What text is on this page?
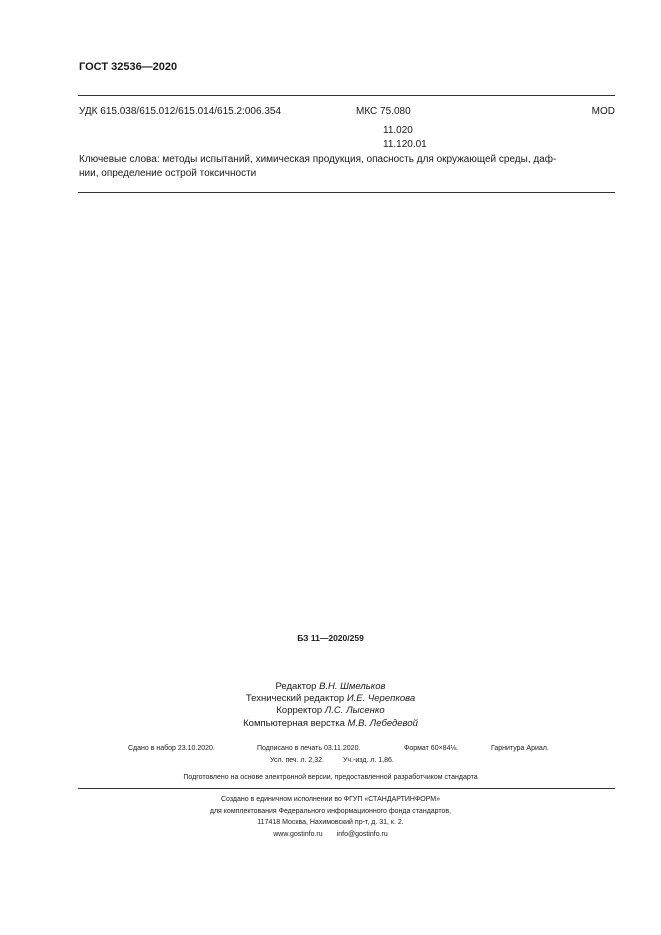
ГОСТ 32536—2020
УДК 615.038/615.012/615.014/615.2:006.354	МКС 75.080	MOD
11.020
11.120.01
Ключевые слова: методы испытаний, химическая продукция, опасность для окружающей среды, даф-
нии, определение острой токсичности
БЗ 11—2020/259
Редактор В.Н. Шмельков
Технический редактор И.Е. Черепкова
Корректор Л.С. Лысенко
Компьютерная верстка М.В. Лебедевой
Сдано в набор 23.10.2020.	Подписано в печать 03.11.2020.	Формат 60×84⅛.	Гарнитура Ариал.
Усл. печ. л. 2,32.	Уч.-изд. л. 1,86.
Подготовлено на основе электронной версии, предоставленной разработчиком стандарта
Создано в единичном исполнении во ФГУП «СТАНДАРТИНФОРМ»
для комплектования Федерального информационного фонда стандартов,
117418 Москва, Нахимовский пр-т, д. 31, к. 2.
www.gostinfo.ru info@gostinfo.ru
